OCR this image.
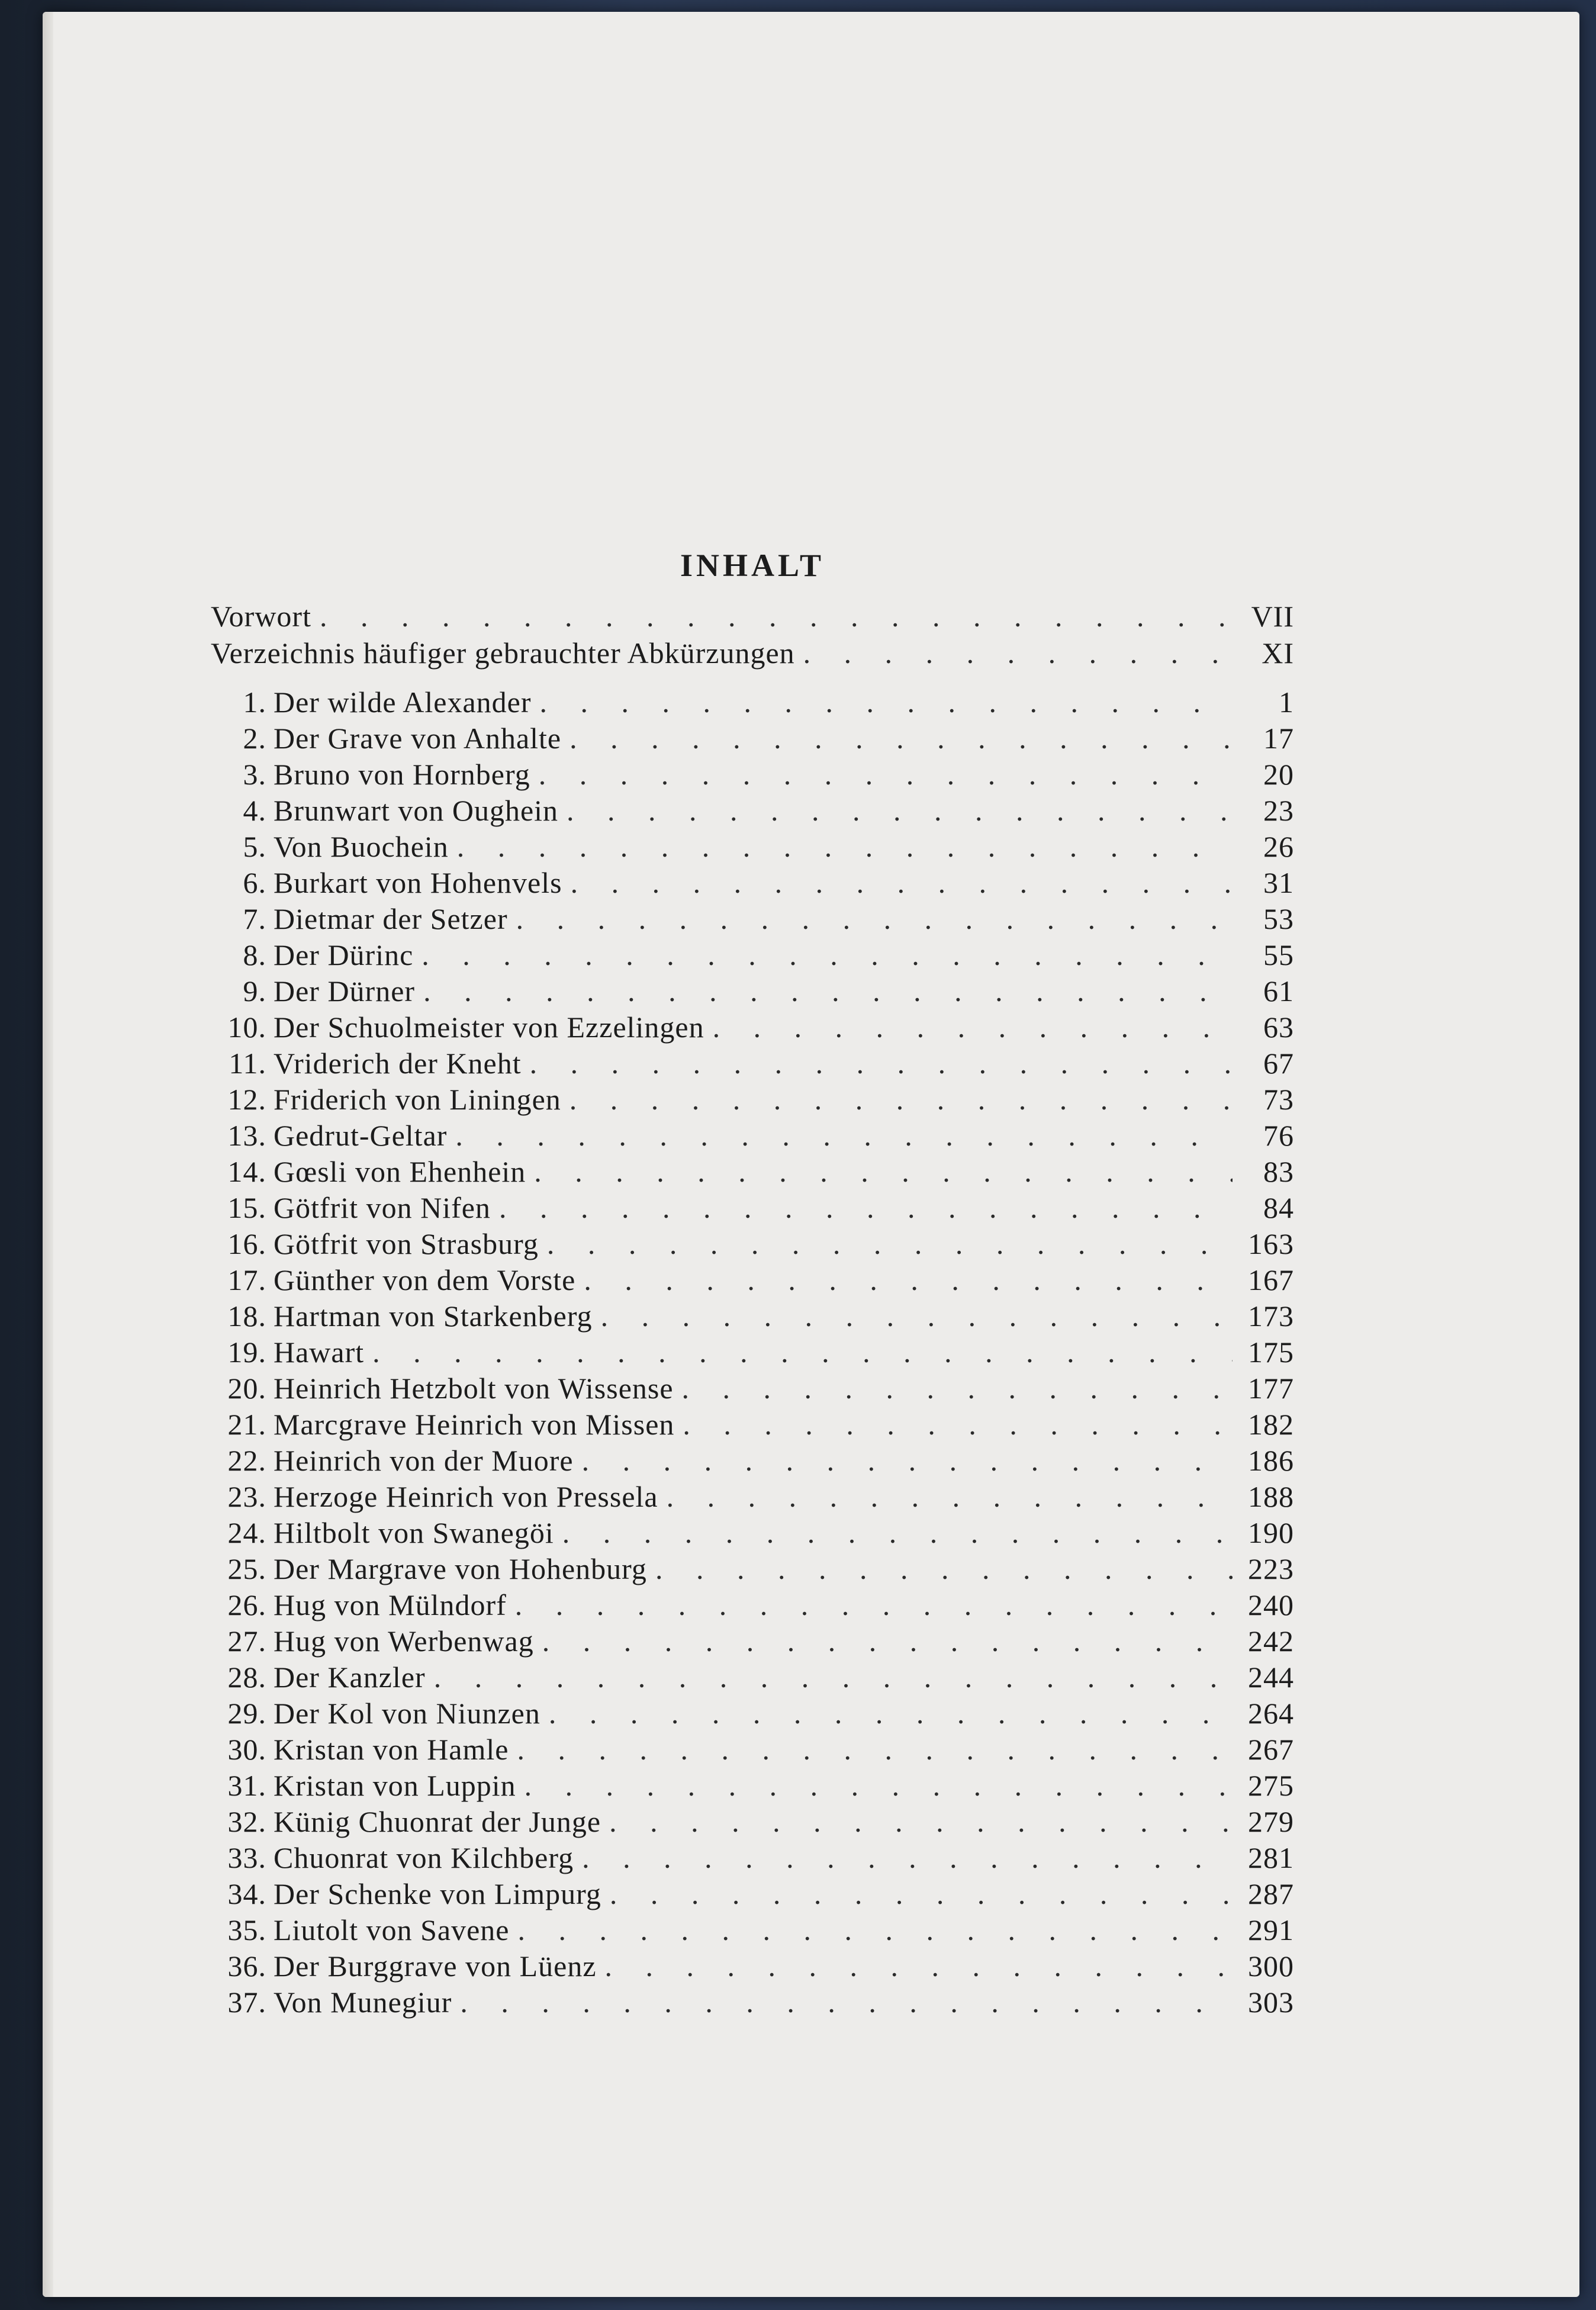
INHALT
Vorwort . . .	VII
Verzeichnis häufiger gebrauchter Abkürzungen . . .	XI
1. Der wilde Alexander . . .	1
2. Der Grave von Anhalte . . .	17
3. Bruno von Hornberg . . .	20
4. Brunwart von Oughein . . .	23
5. Von Buochein . . .	26
6. Burkart von Hohenvels . . .	31
7. Dietmar der Setzer . . .	53
8. Der Dürinc . . .	55
9. Der Dürner . . .	61
10. Der Schuolmeister von Ezzelingen . . .	63
11. Vriderich der Kneht . . .	67
12. Friderich von Liningen . . .	73
13. Gedrut-Geltar . . .	76
14. Gœsli von Ehenhein . . .	83
15. Götfrit von Nifen . . .	84
16. Götfrit von Strasburg . . .	163
17. Günther von dem Vorste . . .	167
18. Hartman von Starkenberg . . .	173
19. Hawart . . .	175
20. Heinrich Hetzbolt von Wissense . . .	177
21. Marcgrave Heinrich von Missen . . .	182
22. Heinrich von der Muore . . .	186
23. Herzoge Heinrich von Pressela . . .	188
24. Hiltbolt von Swanegöi . . .	190
25. Der Margrave von Hohenburg . . .	223
26. Hug von Mülndorf . . .	240
27. Hug von Werbenwag . . .	242
28. Der Kanzler . . .	244
29. Der Kol von Niunzen . . .	264
30. Kristan von Hamle . . .	267
31. Kristan von Luppin . . .	275
32. Künig Chuonrat der Junge . . .	279
33. Chuonrat von Kilchberg . . .	281
34. Der Schenke von Limpurg . . .	287
35. Liutolt von Savene . . .	291
36. Der Burggrave von Lüenz . . .	300
37. Von Munegiur . . .	303
